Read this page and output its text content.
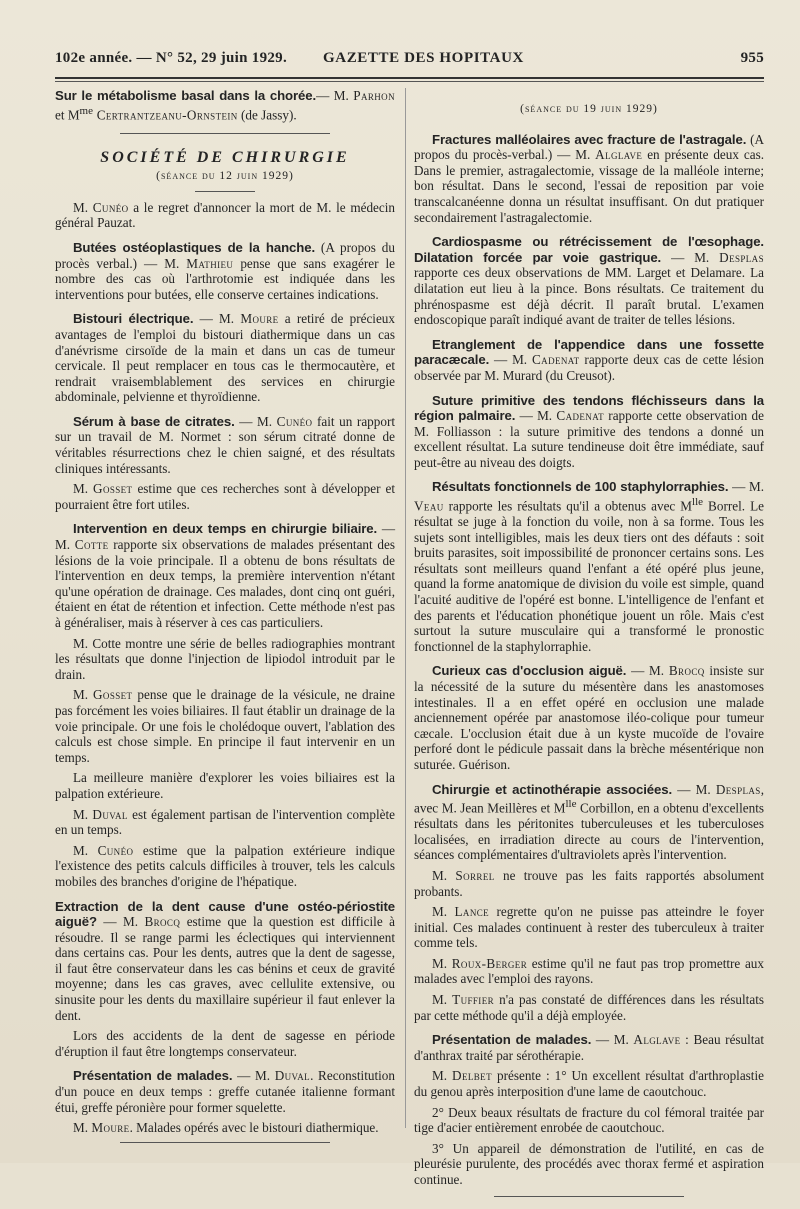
102e année. — N° 52, 29 juin 1929. GAZETTE DES HOPITAUX	955

Sur le métabolisme basal dans la chorée.— M. Parhon et $M^{me}$ Certrantzeanu-Ornstein (de Jassy).

SOCIÉTÉ DE CHIRURGIE
(séance du 12 juin 1929)

M. Cunéo a le regret d'annoncer la mort de M. le médecin général Pauzat.

Butées ostéoplastiques de la hanche. (A propos du procès verbal.) — M. Mathieu pense que sans exagérer le nombre des cas où l'arthrotomie est indiquée dans les interventions pour butées, elle conserve certaines indications.

Bistouri électrique. — M. Moure a retiré de précieux avantages de l'emploi du bistouri diathermique dans un cas d'anévrisme cirsoïde de la main et dans un cas de tumeur cervicale. Il peut remplacer en tous cas le thermocautère, et rendrait vraisemblablement des services en chirurgie abdominale, pelvienne et thyroïdienne.

Sérum à base de citrates. — M. Cunéo fait un rapport sur un travail de M. Normet : son sérum citraté donne de véritables résurrections chez le chien saigné, et des résultats cliniques intéressants.

M. Gosset estime que ces recherches sont à développer et pourraient être fort utiles.

Intervention en deux temps en chirurgie biliaire. — M. Cotte rapporte six observations de malades présentant des lésions de la voie principale. Il a obtenu de bons résultats de l'intervention en deux temps, la première intervention n'étant qu'une opération de drainage. Ces malades, dont cinq ont guéri, étaient en état de rétention et infection. Cette méthode n'est pas à généraliser, mais à réserver à ces cas particuliers.

M. Cotte montre une série de belles radiographies montrant les résultats que donne l'injection de lipiodol introduit par le drain.

M. Gosset pense que le drainage de la vésicule, ne draine pas forcément les voies biliaires. Il faut établir un drainage de la voie principale. Or une fois le cholédoque ouvert, l'ablation des calculs est chose simple. En principe il faut intervenir en un temps.

La meilleure manière d'explorer les voies biliaires est la palpation extérieure.

M. Duval est également partisan de l'intervention complète en un temps.

M. Cunéo estime que la palpation extérieure indique l'existence des petits calculs difficiles à trouver, tels les calculs mobiles des branches d'origine de l'hépatique.

Extraction de la dent cause d'une ostéo-périostite aiguë? — M. Brocq estime que la question est difficile à résoudre. Il se range parmi les éclectiques qui interviennent dans certains cas. Pour les dents, autres que la dent de sagesse, il faut être conservateur dans les cas bénins et ceux de gravité moyenne; dans les cas graves, avec cellulite extensive, ou sinusite pour les dents du maxillaire supérieur il faut enlever la dent.

Lors des accidents de la dent de sagesse en période d'éruption il faut être longtemps conservateur.

Présentation de malades. — M. Duval. Reconstitution d'un pouce en deux temps : greffe cutanée italienne formant étui, greffe péronière pour former squelette.

M. Moure. Malades opérés avec le bistouri diathermique.

(séance du 19 juin 1929)

Fractures malléolaires avec fracture de l'astragale. (A propos du procès-verbal.) — M. Alglave en présente deux cas. Dans le premier, astragalectomie, vissage de la malléole interne; bon résultat. Dans le second, l'essai de reposition par voie transcalcanéenne donna un résultat insuffisant. On dut pratiquer secondairement l'astragalectomie.

Cardiospasme ou rétrécissement de l'œsophage. Dilatation forcée par voie gastrique. — M. Desplas rapporte ces deux observations de MM. Larget et Delamare. La dilatation eut lieu à la pince. Bons résultats. Ce traitement du phrénospasme est déjà décrit. Il paraît brutal. L'examen endoscopique paraît indiqué avant de traiter de telles lésions.

Etranglement de l'appendice dans une fossette paracæcale. — M. Cadenat rapporte deux cas de cette lésion observée par M. Murard (du Creusot).

Suture primitive des tendons fléchisseurs dans la région palmaire. — M. Cadenat rapporte cette observation de M. Folliasson : la suture primitive des tendons a donné un excellent résultat. La suture tendineuse doit être immédiate, sauf peut-être au niveau des doigts.

Résultats fonctionnels de 100 staphylorraphies. — M. Veau rapporte les résultats qu'il a obtenus avec $M^{lle}$ Borrel. Le résultat se juge à la fonction du voile, non à sa forme. Tous les sujets sont intelligibles, mais les deux tiers ont des défauts : soit bruits parasites, soit impossibilité de prononcer certains sons. Les résultats sont meilleurs quand l'enfant a été opéré plus jeune, quand la forme anatomique de division du voile est simple, quand l'acuité auditive de l'opéré est bonne. L'intelligence de l'enfant et des parents et l'éducation phonétique jouent un rôle. Mais c'est surtout la suture musculaire qui a transformé le pronostic fonctionnel de la staphylorraphie.

Curieux cas d'occlusion aiguë. — M. Brocq insiste sur la nécessité de la suture du mésentère dans les anastomoses intestinales. Il a en effet opéré en occlusion une malade anciennement opérée par anastomose iléo-colique pour tumeur cæcale. L'occlusion était due à un kyste mucoïde de l'ovaire perforé dont le pédicule passait dans la brèche mésentérique non suturée. Guérison.

Chirurgie et actinothérapie associées. — M. Desplas, avec M. Jean Meillères et $M^{lle}$ Corbillon, en a obtenu d'excellents résultats dans les péritonites tuberculeuses et les tuberculoses localisées, en irradiation directe au cours de l'intervention, séances complémentaires d'ultraviolets après l'intervention.

M. Sorrel ne trouve pas les faits rapportés absolument probants.

M. Lance regrette qu'on ne puisse pas atteindre le foyer initial. Ces malades continuent à rester des tuberculeux à traiter comme tels.

M. Roux-Berger estime qu'il ne faut pas trop promettre aux malades avec l'emploi des rayons.

M. Tuffier n'a pas constaté de différences dans les résultats par cette méthode qu'il a déjà employée.

Présentation de malades. — M. Alglave : Beau résultat d'anthrax traité par sérothérapie.

M. Delbet présente : 1° Un excellent résultat d'arthroplastie du genou après interposition d'une lame de caoutchouc.

2° Deux beaux résultats de fracture du col fémoral traitée par tige d'acier entièrement enrobée de caoutchouc.

3° Un appareil de démonstration de l'utilité, en cas de pleurésie purulente, des procédés avec thorax fermé et aspiration continue.
